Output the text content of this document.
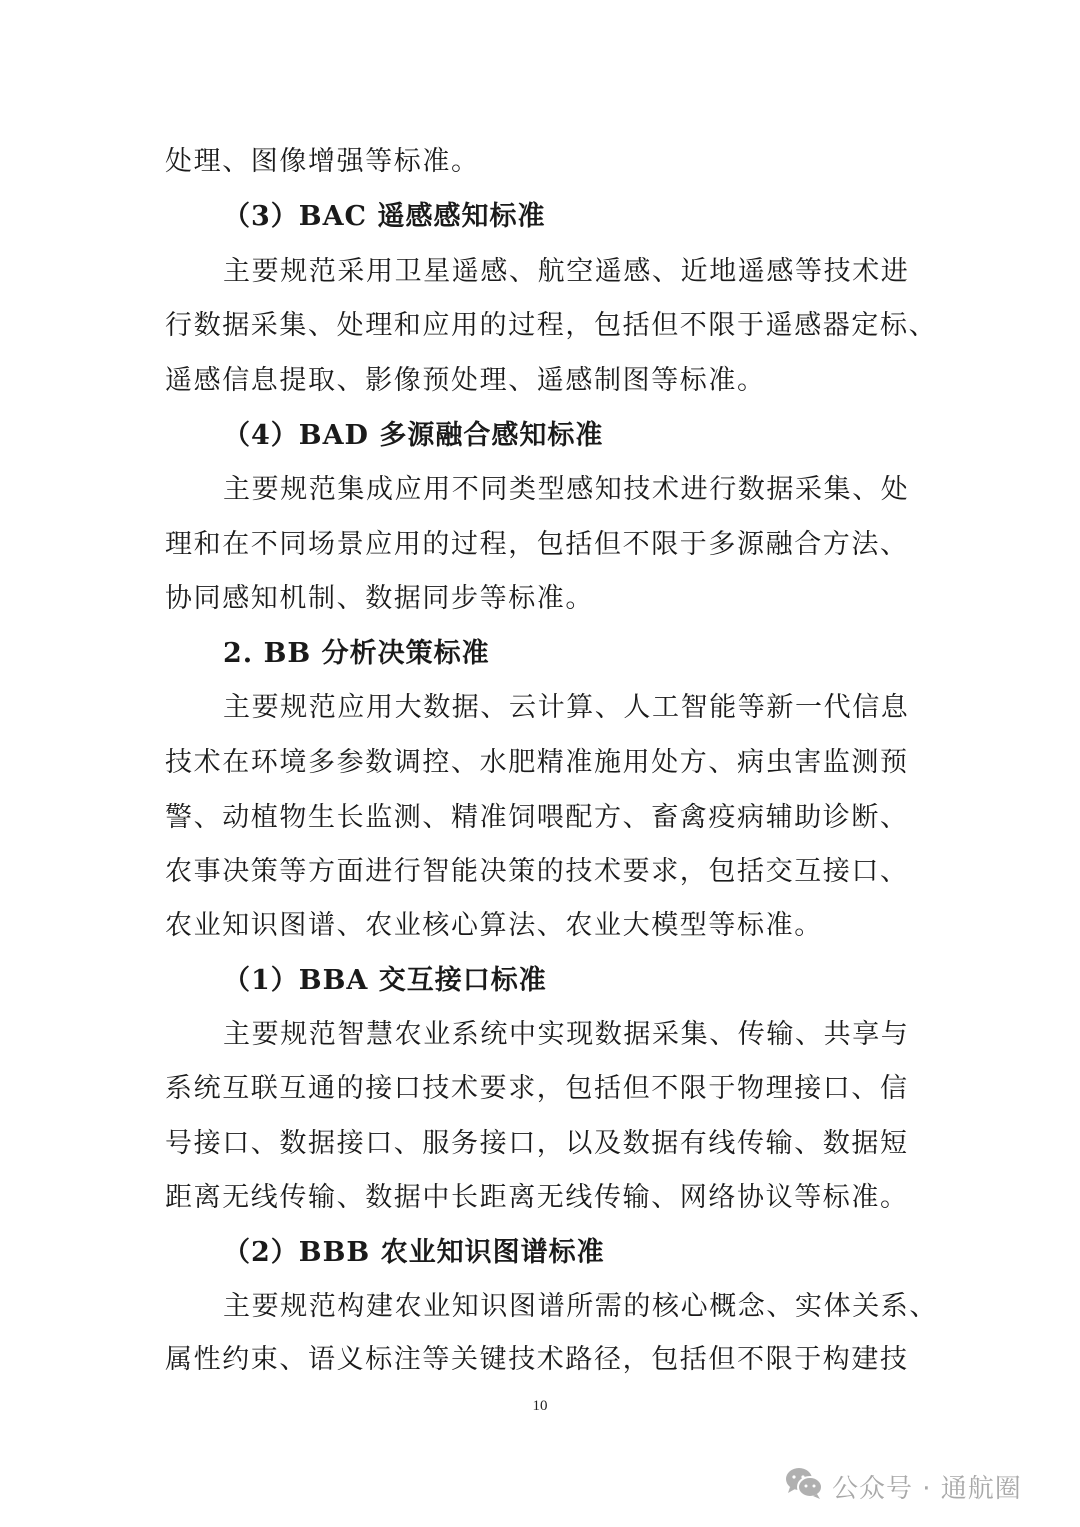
处理、图像增强等标准。
（3）BAC 遥感感知标准
主要规范采用卫星遥感、航空遥感、近地遥感等技术进
行数据采集、处理和应用的过程，包括但不限于遥感器定标、
遥感信息提取、影像预处理、遥感制图等标准。
（4）BAD 多源融合感知标准
主要规范集成应用不同类型感知技术进行数据采集、处
理和在不同场景应用的过程，包括但不限于多源融合方法、
协同感知机制、数据同步等标准。
2. BB 分析决策标准
主要规范应用大数据、云计算、人工智能等新一代信息
技术在环境多参数调控、水肥精准施用处方、病虫害监测预
警、动植物生长监测、精准饲喂配方、畜禽疫病辅助诊断、
农事决策等方面进行智能决策的技术要求，包括交互接口、
农业知识图谱、农业核心算法、农业大模型等标准。
（1）BBA 交互接口标准
主要规范智慧农业系统中实现数据采集、传输、共享与
系统互联互通的接口技术要求，包括但不限于物理接口、信
号接口、数据接口、服务接口，以及数据有线传输、数据短
距离无线传输、数据中长距离无线传输、网络协议等标准。
（2）BBB 农业知识图谱标准
主要规范构建农业知识图谱所需的核心概念、实体关系、
属性约束、语义标注等关键技术路径，包括但不限于构建技
10
公众号 · 通航圈
